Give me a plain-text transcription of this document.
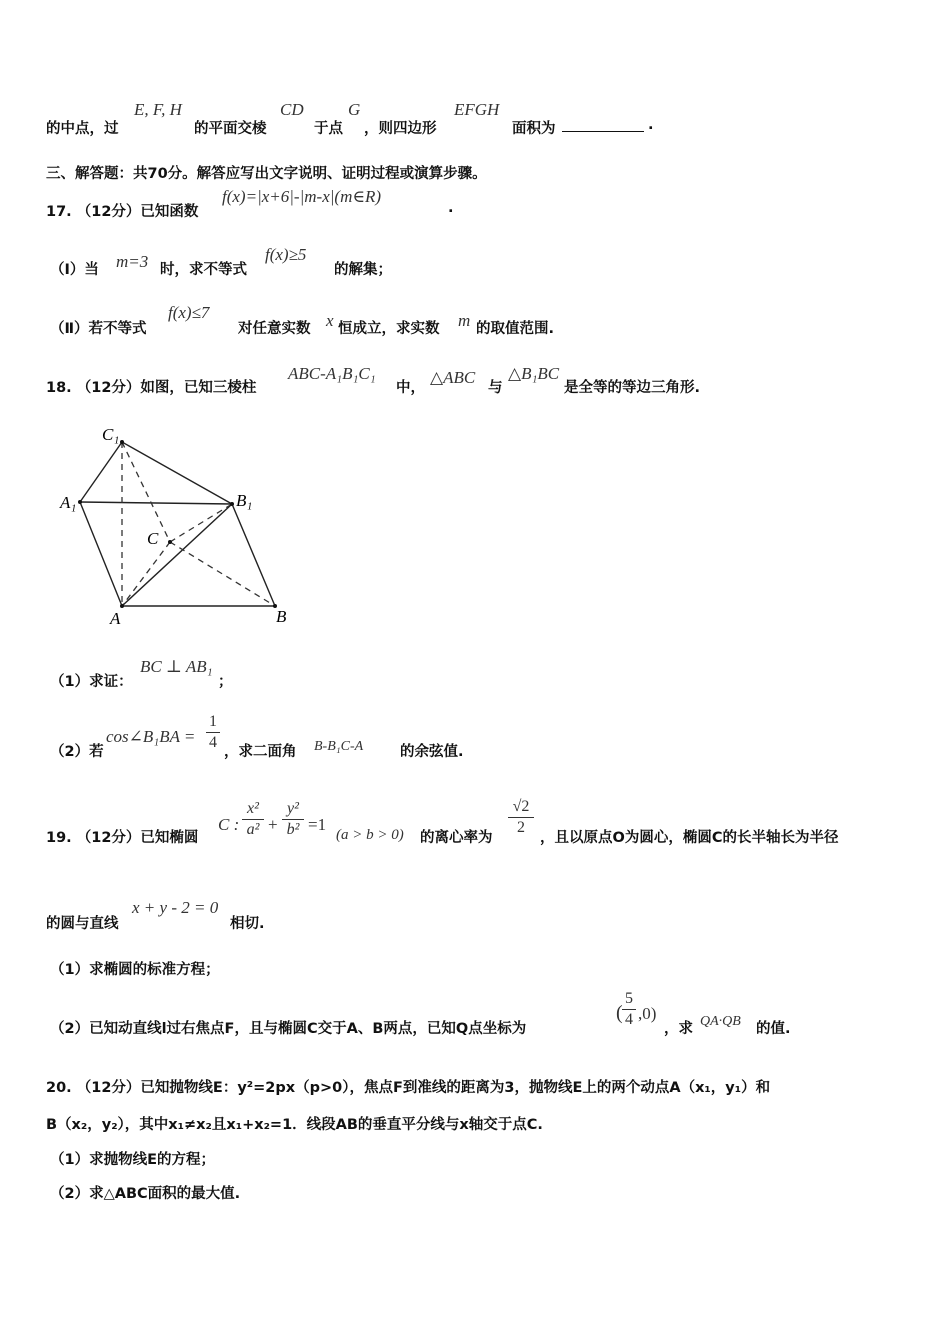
的中点，过
E, F, H
的平面交棱
CD
于点
G
，则四边形
EFGH
面积为	.
三、解答题：共70分。解答应写出文字说明、证明过程或演算步骤。
17. （12分）已知函数
f(x)=|x+6|-|m-x|(m∈R)
.
（Ⅰ）当 m=3 时，求不等式
f(x)≥5
的解集；
（Ⅱ）若不等式
f(x)≤7
对任意实数 x 恒成立，求实数 m 的取值范围.
18. （12分）如图，已知三棱柱
ABC-A₁B₁C₁
中，
△ABC
与
△B₁BC
是全等的等边三角形.
C₁
A₁	B₁
C
A	B
（1）求证：
BC ⊥ AB₁
；
（2）若
cos∠B₁BA =
1
4
，求二面角 B-B₁C-A	的余弦值.
19. （12分）已知椭圆
C :
x²
a² +
y²
b² =1
(a > b > 0) 的离心率为
√2
2
，且以原点O为圆心，椭圆C的长半轴长为半径
的圆与直线
x + y - 2 = 0
相切.
（1）求椭圆的标准方程；
（2）已知动直线l过右焦点F，且与椭圆C交于A、B两点，已知Q点坐标为
(
5
4 ,0)
，求 QA·QB 的值.
20. （12分）已知抛物线E：y²=2px（p>0），焦点F到准线的距离为3，抛物线E上的两个动点A（x₁，y₁）和
B（x₂，y₂），其中x₁≠x₂且x₁+x₂=1．线段AB的垂直平分线与x轴交于点C.
（1）求抛物线E的方程；
（2）求△ABC面积的最大值.
